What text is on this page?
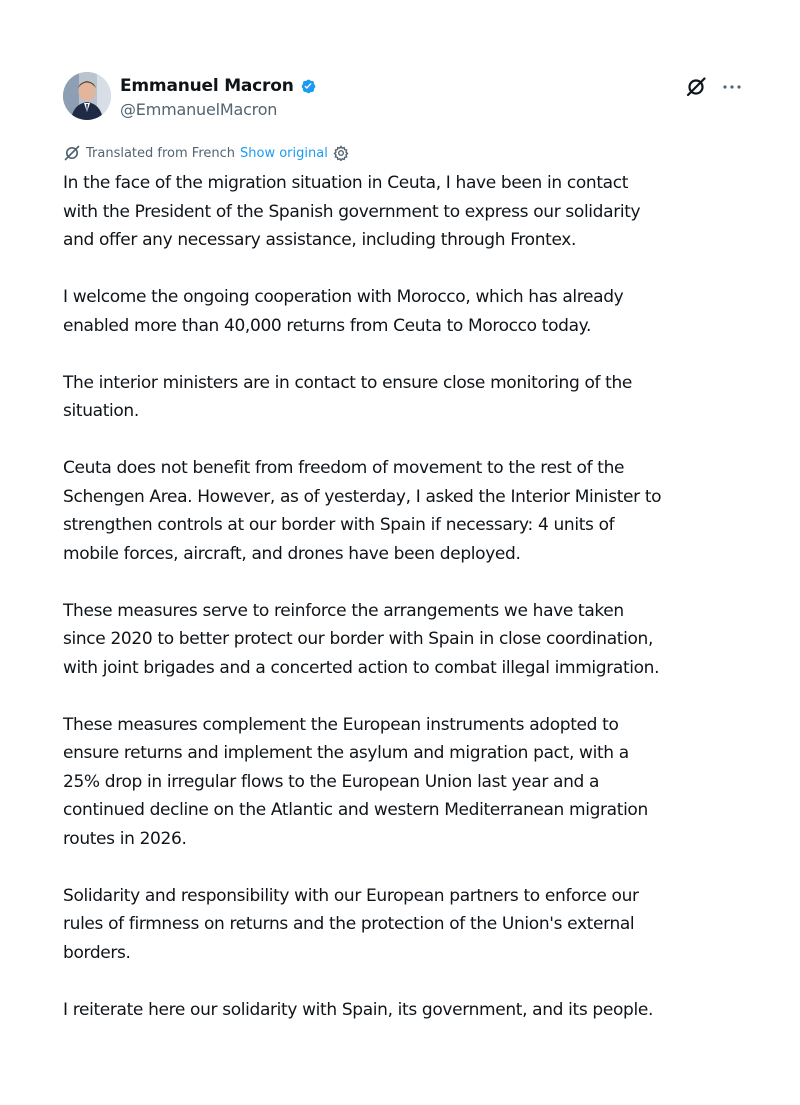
Emmanuel Macron
@EmmanuelMacron
Translated from French Show original

In the face of the migration situation in Ceuta, I have been in contact
with the President of the Spanish government to express our solidarity
and offer any necessary assistance, including through Frontex.

I welcome the ongoing cooperation with Morocco, which has already
enabled more than 40,000 returns from Ceuta to Morocco today.

The interior ministers are in contact to ensure close monitoring of the
situation.

Ceuta does not benefit from freedom of movement to the rest of the
Schengen Area. However, as of yesterday, I asked the Interior Minister to
strengthen controls at our border with Spain if necessary: 4 units of
mobile forces, aircraft, and drones have been deployed.

These measures serve to reinforce the arrangements we have taken
since 2020 to better protect our border with Spain in close coordination,
with joint brigades and a concerted action to combat illegal immigration.

These measures complement the European instruments adopted to
ensure returns and implement the asylum and migration pact, with a
25% drop in irregular flows to the European Union last year and a
continued decline on the Atlantic and western Mediterranean migration
routes in 2026.

Solidarity and responsibility with our European partners to enforce our
rules of firmness on returns and the protection of the Union's external
borders.

I reiterate here our solidarity with Spain, its government, and its people.
